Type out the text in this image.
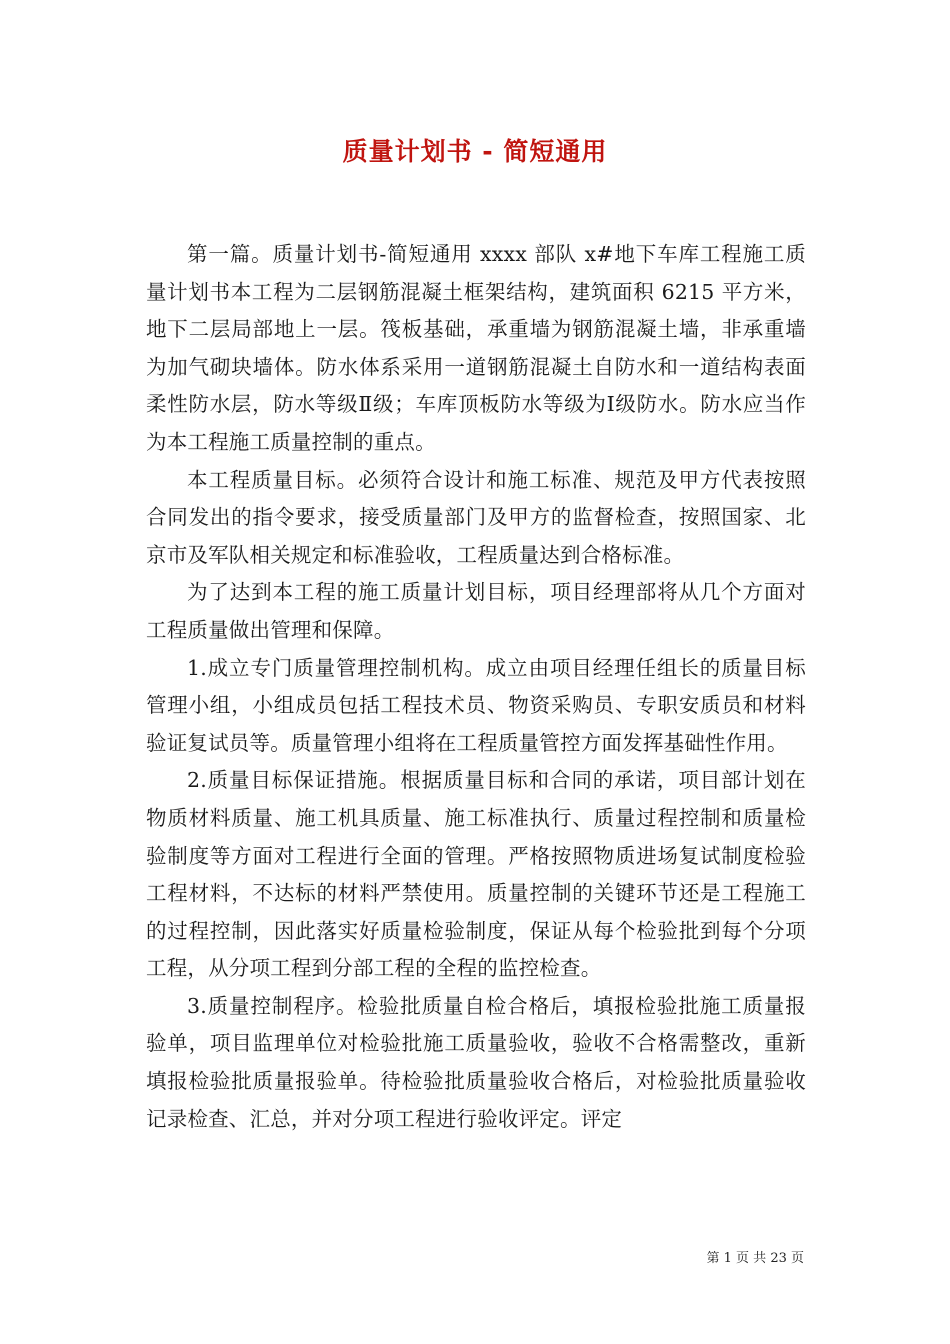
质量计划书 - 简短通用

第一篇。质量计划书-简短通用 xxxx 部队 x#地下车库工程施工质量计划书本工程为二层钢筋混凝土框架结构，建筑面积 6215 平方米，地下二层局部地上一层。筏板基础，承重墙为钢筋混凝土墙，非承重墙为加气砌块墙体。防水体系采用一道钢筋混凝土自防水和一道结构表面柔性防水层，防水等级Ⅱ级；车库顶板防水等级为Ⅰ级防水。防水应当作为本工程施工质量控制的重点。

本工程质量目标。必须符合设计和施工标准、规范及甲方代表按照合同发出的指令要求，接受质量部门及甲方的监督检查，按照国家、北京市及军队相关规定和标准验收，工程质量达到合格标准。

为了达到本工程的施工质量计划目标，项目经理部将从几个方面对工程质量做出管理和保障。

1.成立专门质量管理控制机构。成立由项目经理任组长的质量目标管理小组，小组成员包括工程技术员、物资采购员、专职安质员和材料验证复试员等。质量管理小组将在工程质量管控方面发挥基础性作用。

2.质量目标保证措施。根据质量目标和合同的承诺，项目部计划在物质材料质量、施工机具质量、施工标准执行、质量过程控制和质量检验制度等方面对工程进行全面的管理。严格按照物质进场复试制度检验工程材料，不达标的材料严禁使用。质量控制的关键环节还是工程施工的过程控制，因此落实好质量检验制度，保证从每个检验批到每个分项工程，从分项工程到分部工程的全程的监控检查。

3.质量控制程序。检验批质量自检合格后，填报检验批施工质量报验单，项目监理单位对检验批施工质量验收，验收不合格需整改，重新填报检验批质量报验单。待检验批质量验收合格后，对检验批质量验收记录检查、汇总，并对分项工程进行验收评定。评定

第 1 页 共 23 页
